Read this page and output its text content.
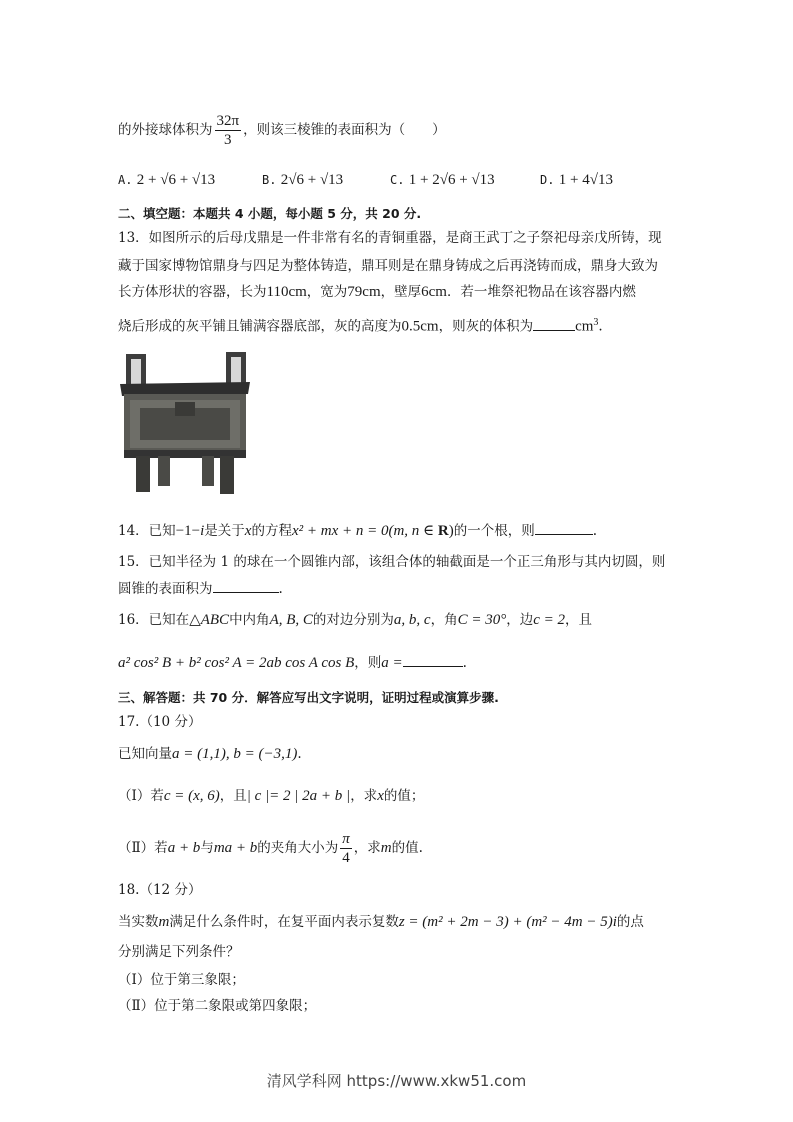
的外接球体积为 $\frac{32\pi}{3}$ ，则该三棱锥的表面积为（　　）
A. 2 + √6 + √13	B. 2√6 + √13	C. 1 + 2√6 + √13	D. 1 + 4√13
二、填空题：本题共 4 小题，每小题 5 分，共 20 分.
13．如图所示的后母戊鼎是一件非常有名的青铜重器，是商王武丁之子祭祀母亲戊所铸，现
藏于国家博物馆鼎身与四足为整体铸造，鼎耳则是在鼎身铸成之后再浇铸而成，鼎身大致为
长方体形状的容器，长为110cm，宽为79cm，壁厚6cm．若一堆祭祀物品在该容器内燃
烧后形成的灰平铺且铺满容器底部，灰的高度为0.5cm，则灰的体积为	$cm^3$.
14．已知−1−i是关于x的方程x² + mx + n = 0(m, n ∈ R)的一个根，则	.
15．已知半径为 1 的球在一个圆锥内部，该组合体的轴截面是一个正三角形与其内切圆，则
圆锥的表面积为	.
16．已知在△ABC中内角A, B, C的对边分别为a, b, c，角C = 30°，边c = 2，且
a² cos² B + b² cos² A = 2ab cos A cos B，则a =	.
三、解答题：共 70 分．解答应写出文字说明，证明过程或演算步骤.
17.（10 分）
已知向量a = (1,1), b = (−3,1).
（Ⅰ）若c = (x, 6)，且| c |= 2 | 2a + b |，求x的值；
（Ⅱ）若a + b与ma + b的夹角大小为 $\frac{\pi}{4}$ ，求m的值.
18.（12 分）
当实数m满足什么条件时，在复平面内表示复数z = (m² + 2m − 3) + (m² − 4m − 5)i的点
分别满足下列条件？
（Ⅰ）位于第三象限；
（Ⅱ）位于第二象限或第四象限；
清风学科网 https://www.xkw51.com
